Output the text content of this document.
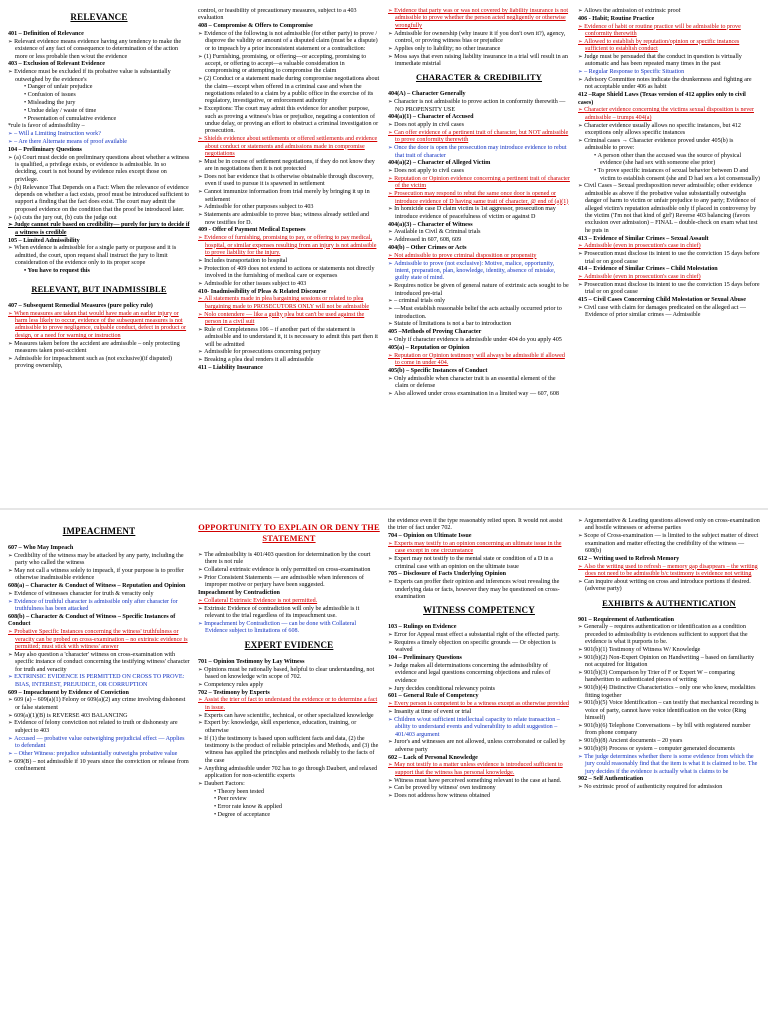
RELEVANCE
401 – Definition of Relevance
➢ Relevant evidence means evidence having any tendency to make the existence of any fact of consequence to determination of the action more or less probable then w/out the evidence
403 – Exclusion of Relevant Evidence
➢ Evidence must be excluded if its probative value is substantially outweighed by the evidence's
• Danger of unfair prejudice
• Confusion of issues
• Misleading the jury
• Undue delay / waste of time
• Presentation of cumulative evidence
*rule is favor of admissibility –
➢ – Will a Limiting Instruction work?
➢ – Are there Alternate means of proof available
104 – Preliminary Questions
➢ (a) Court must decide on preliminary questions about whether a witness is qualified, a privilege exists, or evidence is admissible. In so deciding, court is not bound by evidence rules except those on privilege.
➢ (b) Relevance That Depends on a Fact: When the relevance of evidence depends on whether a fact exists, proof must be introduced sufficient to support a finding that the fact does exist. The court may admit the proposed evidence on the condition that the proof be introduced later.
➢ (a) cuts the jury out, (b) cuts the judge out
➢ Judge cannot rule based on credibility— purely for jury to decide if a witness is credible
105 – Limited Admissibility
➢ When evidence is admissible for a single party or purpose and it is admitted, the court, upon request shall instruct the jury to limit consideration of the evidence only to its proper scope
• You have to request this
RELEVANT, BUT INADMISSIBLE
407 – Subsequent Remedial Measures (pure policy rule)
➢ When measures are taken that would have made an earlier injury or harm less likely to occur, evidence of the subsequent measures is not admissible to prove negligence, culpable conduct, defect in product or design, or a need for warning or instruction
➢ Measures taken before the accident are admissible – only protecting measures taken post-accident
➢ Admissible for impeachment such as (not exclusive)(if disputed) proving ownership,
control, or feasibility of precautionary measures, subject to a 403 evaluation
408 – Compromise & Offers to Compromise
➢ Evidence of the following is not admissible (for either party) to prove / disprove the validity or amount of a disputed claim (must be a dispute) or to impeach by a prior inconsistent statement or a contradiction:
➢ (1) Furnishing, promising, or offering—or accepting, promising to accept, or offering to accept—a valuable consideration in compromising or attempting to compromise the claim
➢ (2) Conduct or a statement made during compromise negotiations about the claim—except when offered in a criminal case and when the negotiations related to a claim by a public office in the exercise of its regulatory, investigative, or enforcement authority
➢ Exceptions: The court may admit this evidence for another purpose, such as proving a witness's bias or prejudice, negating a contention of undue delay, or proving an effort to obstruct a criminal investigation or prosecution.
➢ Shields evidence about settlements or offered settlements and evidence about conduct or statements and admissions made in compromise negotiations
➢ Must be in course of settlement negotiations, if they do not know they are in negotiations then it is not protected
➢ Does not bar evidence that is otherwise obtainable through discovery, even if used to pursue it is spawned in settlement
➢ Cannot immunize information from trial merely by bringing it up in settlement
➢ Admissible for other purposes subject to 403
➢ Statements are admissible to prove bias; witness already settled and now testifies for D.
409 - Offer of Payment Medical Expenses
➢ Evidence of furnishing, promising to pay, or offering to pay medical, hospital, or similar expenses resulting from an injury is not admissible to prove liability for the injury.
➢ Includes transportation to hospital
➢ Protection of 409 does not extend to actions or statements not directly involved in the furnishing of medical care or expenses
➢ Admissible for other issues subject to 403
410- Inadmissibility of Pleas & Related Discourse
➢ All statements made in plea bargaining sessions or related to plea bargaining made to PROSECUTORS ONLY will not be admissible
➢ Nolo contendere — like a guilty plea but can't be used against the person in a civil suit
➢ Rule of Completeness 106 – if another part of the statement is admissible and to understand it, it is necessary to admit this part then it will be admitted
➢ Admissible for prosecutions concerning perjury
➢ Breaking a plea deal renders it all admissible
411 – Liability Insurance
➢ Evidence that party was or was not covered by liability insurance is not admissible to prove whether the person acted negligently or otherwise wrongfully
➢ Admissible for ownership (why insure it if you don't own it?), agency, control, or proving witness bias or prejudice
➢ Applies only to liability; no other insurance
➢ Moss says that even raising liability insurance in a trial will result in an immediate mistrial
CHARACTER & CREDIBILITY
404(A) – Character Generally
➢ Character is not admissible to prove action in conformity therewith — NO PROPENSITY USE
404(a)(1) – Character of Accused
➢ Does not apply in civil cases
➢ Can offer evidence of a pertinent trait of character, but NOT admissible to prove conformity therewith
➢ Once the door is open the prosecution may introduce evidence to rebut that trait of character
404(a)(2) – Character of Alleged Victim
➢ Does not apply to civil cases
➢ Reputation or Opinion evidence concerning a pertinent trait of character of the victim
➢ Prosecution may respond to rebut the same once door is opened or introduce evidence of D having same trait of character, @ end of (a)(1)
➢ In homicide case D claim victim is 1st aggressor, prosecution may introduce evidence of peacefulness of victim or against D
404(a)(3) – Character of Witness
➢ Available in Civil & Criminal trials
➢ Addressed in 607, 608, 609
404(b) – Other Crimes or Acts
➢ Not admissible to prove criminal disposition or propensity
➢ Admissible to prove (not exclusive): Motive, malice, opportunity, intent, preparation, plan, knowledge, identity, absence of mistake, guilty state of mind.
➢ Requires notice be given of general nature of extrinsic acts sought to be introduced pre-trial
➢ – criminal trials only
➢ —Must establish reasonable belief the acts actually occurred prior to introduction.
➢ Statute of limitations is not a bar to introduction
405 –Methods of Proving Character
➢ Only if character evidence is admissible under 404 do you apply 405
405(a) – Reputation or Opinion
➢ Reputation or Opinion testimony will always be admissible if allowed to come in under 404.
405(b) – Specific Instances of Conduct
➢ Only admissible when character trait is an essential element of the claim or defense
➢ Also allowed under cross examination in a limited way — 607, 608
➢ Allows the admission of extrinsic proof
406 - Habit; Routine Practice
➢ Evidence of habit or routine practice will be admissible to prove conformity therewith
➢ Allowed to establish by reputation/opinion or specific instances sufficient to establish conduct
➢ Judge must be persuaded that the conduct in question is virtually automatic and has been repeated many times in the past
➢ – Regular Response to Specific Situation
➢ Advisory Committee notes indicate the drunkenness and fighting are not acceptable under 406 as habit
412 –Rape Shield Laws (Texas version of 412 applies only to civil cases)
➢ Character evidence concerning the victims sexual disposition is never admissible – trumps 404(a)
➢ Character evidence usually allows no specific instances, but 412 exceptions only allows specific instances
➢ Criminal cases → Character evidence proved under 405(b) is admissible to prove:
• A person other than the accused was the source of physical evidence (she had sex with someone else prior)
• To prove specific instances of sexual behavior between D and victim to establish consent (she and D had sex a lot consensually)
➢ Civil Cases – Sexual predisposition never admissible; other evidence admissible as above if the probative value substantially outweighs danger of harm to victim or unfair prejudice to any party; Evidence of alleged victim's reputation admissible only if placed in controversy by the victim ('I'm not that kind of girl') Reverse 403 balancing (favors exclusion over admission) – FINAL – double-check on exam what test he puts in
413 – Evidence of Similar Crimes – Sexual Assault
➢ Admissible (even in prosecution's case in chief)
➢ Prosecution must disclose its intent to use the conviction 15 days before trial or on good cause
414 – Evidence of Similar Crimes – Child Molestation
➢ Admissible (even in prosecution's case in chief)
➢ Prosecution must disclose its intent to use the conviction 15 days before trial or on good cause
415 – Civil Cases Concerning Child Molestation or Sexual Abuse
➢ Civil case with claim for damages predicated on the alleged act — Evidence of prior similar crimes — Admissible
IMPEACHMENT
607 – Who May Impeach
➢ Credibility of the witness may be attacked by any party, including the party who called the witness
➢ May not call a witness solely to impeach, if your purpose is to proffer otherwise inadmissible evidence
608(a) – Character & Conduct of Witness – Reputation and Opinion
➢ Evidence of witnesses character for truth & veracity only
➢ Evidence of truthful character is admissible only after character for truthfulness has been attacked
608(b) – Character & Conduct of Witness – Specific Instances of Conduct
➢ Probative Specific Instances concerning the witness' truthfulness or veracity can be probed on cross-examination – no extrinsic evidence is permitted; must stick with witness' answer
➢ May also question a 'character' witness on cross-examination with specific instance of conduct concerning the testifying witness' character for truth and veracity
➢ EXTRINSIC EVIDENCE IS PERMITTED ON CROSS TO PROVE: BIAS, INTEREST, PREJUDICE, OR CORRUPTION
609 – Impeachment by Evidence of Conviction
➢ 609 (a) – 609(a)(1) Felony or 609(a)(2) any crime involving dishonest or false statement
➢ 609(a)(1)(B) is REVERSE 403 BALANCING
➢ Evidence of felony conviction not related to truth or dishonesty are subject to 403
➢ Accused — probative value outweighing prejudicial effect — Applies to defendant
➢ – Other Witness: prejudice substantially outweighs probative value
➢ 609(B) – not admissible if 10 years since the conviction or release from confinement
OPPORTUNITY TO EXPLAIN OR DENY THE STATEMENT
➢ The admissibility is 401/403 question for determination by the court there is not rule
➢ Collateral extrinsic evidence is only permitted on cross-examination
➢ Prior Consistent Statements — are admissible when inferences of improper motive or perjury have been suggested.
Impeachment by Contradiction
➢ Collateral Extrinsic Evidence is not permitted.
➢ Extrinsic Evidence of contradiction will only be admissible is it relevant to the trial regardless of its impeachment use.
➢ Impeachment by Contradiction — can be done with Collateral Evidence subject to limitations of 608.
EXPERT EVIDENCE
701 – Opinion Testimony by Lay Witness
➢ Opinions must be rationally based, helpful to clear understanding, not based on knowledge w/in scope of 702.
➢ Competency rules apply
702 – Testimony by Experts
➢ Assist the trier of fact to understand the evidence or to determine a fact in issue.
➢ Experts can have scientific, technical, or other specialized knowledge
➢ Expert by: knowledge, skill experience, education, training, or otherwise
➢ If (1) the testimony is based upon sufficient facts and data, (2) the testimony is the product of reliable principles and Methods, and (3) the witness has applied the principles and methods reliably to the facts of the case
➢ Anything admissible under 702 has to go through Daubert, and relaxed application for non-scientific experts
➢ Daubert Factors:
• Theory been tested
• Peer review
• Error rate know & applied
• Degree of acceptance
the evidence even if the type reasonably relied upon. It would not assist the trier of fact under 702.
704 – Opinion on Ultimate Issue
➢ Experts may testify to an opinion concerning an ultimate issue in the case except in one circumstance
➢ Expert may not testify to the mental state or condition of a D in a criminal case with an opinion on the ultimate issue
705 – Disclosure of Facts Underlying Opinion
➢ Experts can proffer their opinion and inferences w/out revealing the underlying data or facts, however they may be questioned on cross-examination
WITNESS COMPETENCY
103 – Rulings on Evidence
➢ Error for Appeal must effect a substantial right of the effected party.
➢ Requires a timely objection on specific grounds — Or objection is waived
104 – Preliminary Questions
➢ Judge makes all determinations concerning the admissibility of evidence and legal questions concerning objections and rules of evidence
➢ Jury decides conditional relevancy points
601 – General Rule of Competency
➢ Every person is competent to be a witness except as otherwise provided
➢ Insanity at time of event or trial
➢ Children w/out sufficient intellectual capacity to relate transaction – ability to understand events and vulnerability to adult suggestion – 401/403 argument
➢ Juror's and witnesses are not allowed, unless corroborated or called by adverse party
602 – Lack of Personal Knowledge
➢ May not testify to a matter unless evidence is introduced sufficient to support that the witness has personal knowledge.
➢ Witness must have perceived something relevant to the case at hand.
➢ Can be proved by witness' own testimony
➢ Does not address how witness obtained
➢ Argumentative & Leading questions allowed only on cross-examination and hostile witnesses or adverse parties
➢ Scope of Cross-examination — is limited to the subject matter of direct examination and matter effecting the credibility of the witness —608(b)
612 – Writing used to Refresh Memory
➢ Also the writing used to refresh – memory gap disappears – the writing does not need to be admissible b/c testimony is evidence not writing
➢ Can inquire about writing on cross and introduce portions if desired. (adverse party)
EXHIBITS & AUTHENTICATION
901 – Requirement of Authentication
➢ Generally – requires authentication or identification as a condition preceded to admissibility is evidences sufficient to support that the evidence is what it purports to be.
➢ 901(b)(1) Testimony of Witness W/ Knowledge
➢ 901(b)(2) Non-Expert Opinion on Handwriting – based on familiarity not acquired for litigation
➢ 901(b)(3) Comparison by Trier of F or Expert W – comparing handwritten to authenticated pieces of writing
➢ 901(b)(4) Distinctive Characteristics – only one who knew, modalities fitting together
➢ 901(b)(5) Voice Identification – can testify that mechanical recording is voice of party, cannot have voice identification on the voice (Ring himself)
➢ 901(b)(6) Telephone Conversations – by bill with registered number from phone company
➢ 901(b)(8) Ancient documents – 20 years
➢ 901(b)(9) Process or system – computer generated documents
➢ The judge determines whether there is some evidence from which the jury could reasonably find that the item is what it is claimed to be. The jury decides if the evidence is actually what is claims to be
902 – Self Authentication
➢ No extrinsic proof of authenticity required for admission
